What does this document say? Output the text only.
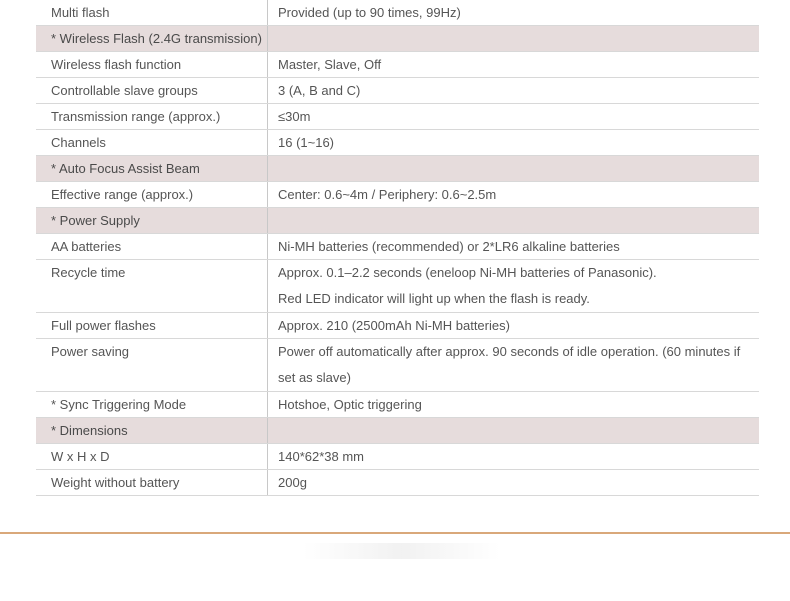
Multi flash	Provided (up to 90 times, 99Hz)
* Wireless Flash (2.4G transmission)	
Wireless flash function	Master, Slave, Off
Controllable slave groups	3 (A, B and C)
Transmission range (approx.)	≤30m
Channels	16 (1~16)
* Auto Focus Assist Beam	
Effective range (approx.)	Center: 0.6~4m / Periphery: 0.6~2.5m
* Power Supply	
AA batteries	Ni-MH batteries (recommended) or 2*LR6 alkaline batteries
Recycle time	Approx. 0.1–2.2 seconds (eneloop Ni-MH batteries of Panasonic).
Red LED indicator will light up when the flash is ready.

Full power flashes	Approx. 210 (2500mAh Ni-MH batteries)
Power saving	Power off automatically after approx. 90 seconds of idle operation. (60 minutes if
set as slave)

* Sync Triggering Mode	Hotshoe, Optic triggering
* Dimensions	
W x H x D	140*62*38 mm
Weight without battery	200g
